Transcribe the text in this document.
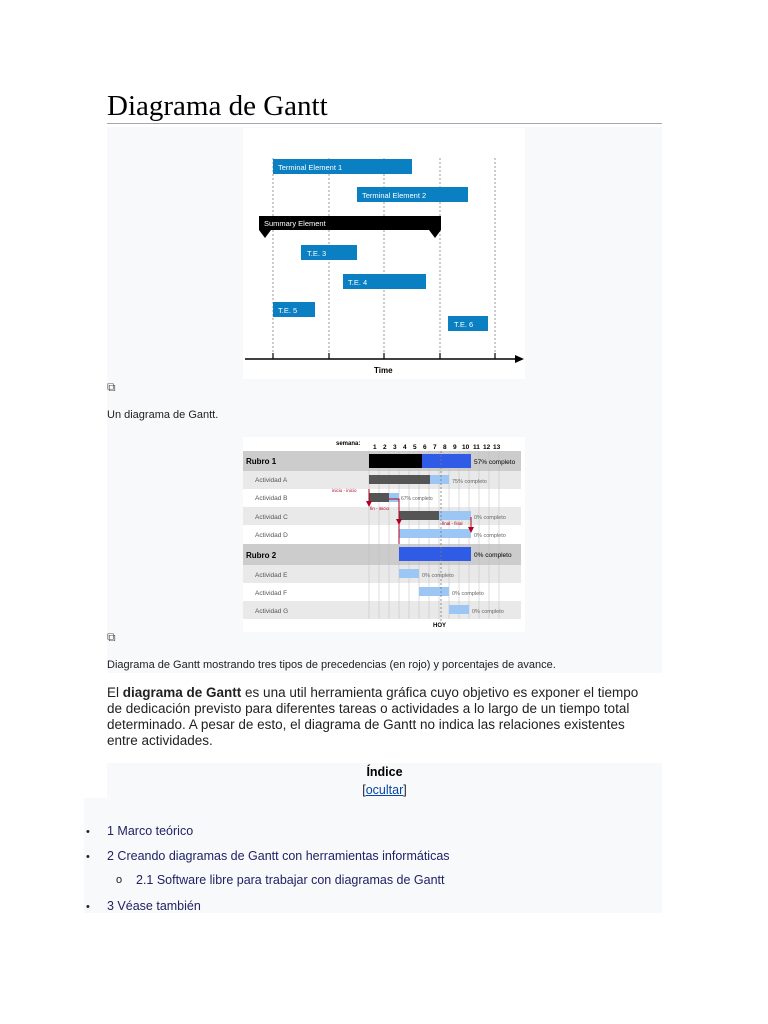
Diagrama de Gantt
Terminal Element 1
Terminal Element 2
Summary Element
T.E. 3
T.E. 4
T.E. 5
T.E. 6
Time
⧉
Un diagrama de Gantt.
semana: 1 2 3 4 5 6 7 8 9 10 11 12 13
Rubro 1
Actividad A
Actividad B
Actividad C
Actividad D
Rubro 2
Actividad E
Actividad F
Actividad G
57% completo
75% completo
67% completo
0% completo
0% completo
0% completo
0% completo
0% completo
0% completo
inicio - inicio
fin - inicio
final - final
HOY
⧉
Diagrama de Gantt mostrando tres tipos de precedencias (en rojo) y porcentajes de avance.

El diagrama de Gantt es una util herramienta gráfica cuyo objetivo es exponer el tiempo de dedicación previsto para diferentes tareas o actividades a lo largo de un tiempo total determinado. A pesar de esto, el diagrama de Gantt no indica las relaciones existentes entre actividades.

Índice
[ocultar]
• 1 Marco teórico
• 2 Creando diagramas de Gantt con herramientas informáticas
o 2.1 Software libre para trabajar con diagramas de Gantt
• 3 Véase también
